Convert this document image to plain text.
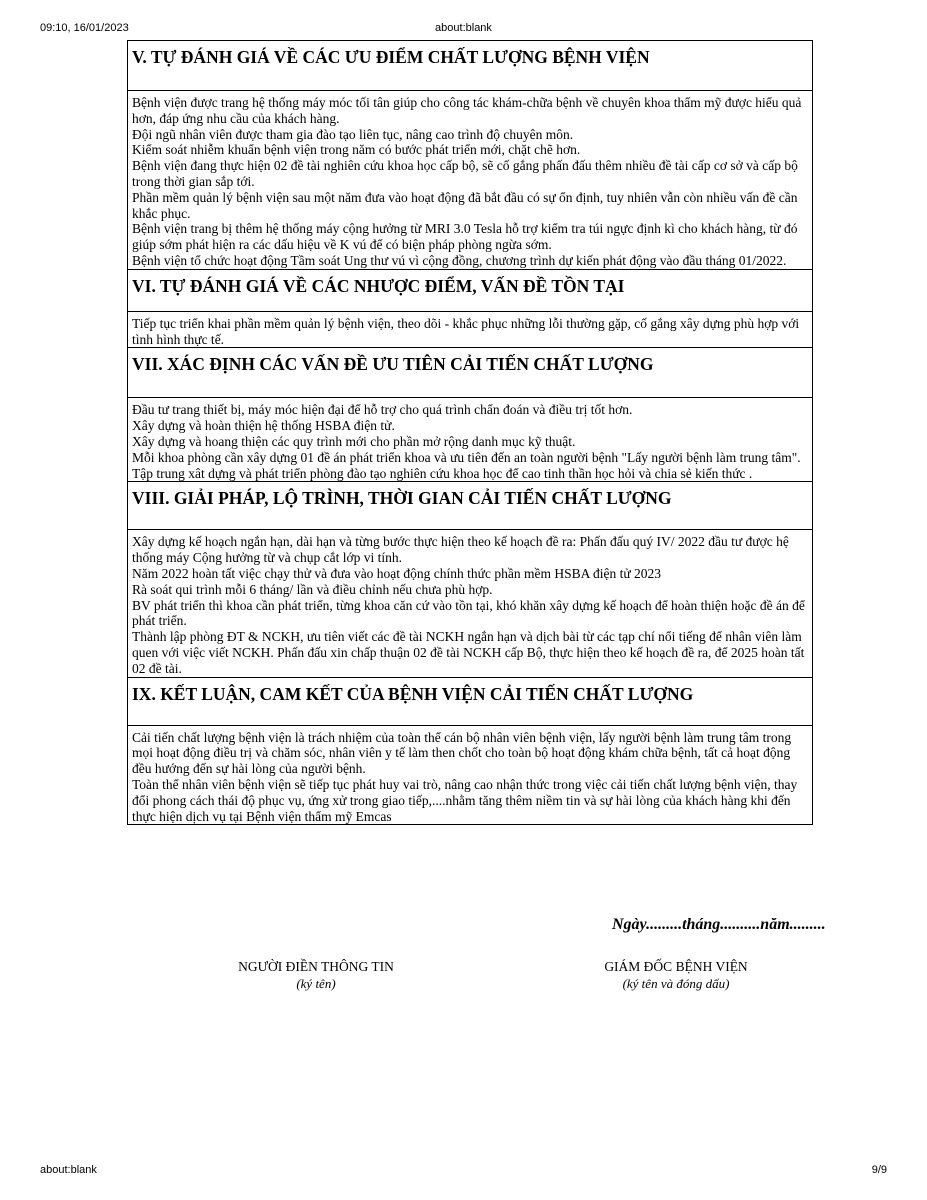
09:10, 16/01/2023	about:blank
V. TỰ ĐÁNH GIÁ VỀ CÁC ƯU ĐIỂM CHẤT LƯỢNG BỆNH VIỆN

Bệnh viện được trang hệ thống máy móc tối tân giúp cho công tác khám-chữa bệnh về chuyên khoa thẩm mỹ được hiểu quả hơn, đáp ứng nhu cầu của khách hàng.

Đội ngũ nhân viên được tham gia đào tạo liên tục, nâng cao trình độ chuyên môn.

Kiểm soát nhiễm khuẩn bệnh viện trong năm có bước phát triển mới, chặt chẽ hơn.

Bệnh viện đang thực hiện 02 đề tài nghiên cứu khoa học cấp bộ, sẽ cố gắng phấn đấu thêm nhiều đề tài cấp cơ sở và cấp bộ trong thời gian sắp tới.

Phần mềm quản lý bệnh viện sau một năm đưa vào hoạt động đã bắt đầu có sự ổn định, tuy nhiên vẫn còn nhiều vấn đề cần khắc phục.

Bệnh viện trang bị thêm hệ thống máy cộng hưởng từ MRI 3.0 Tesla hỗ trợ kiểm tra túi ngực định kì cho khách hàng, từ đó giúp sớm phát hiện ra các dấu hiệu về K vú để có biện pháp phòng ngừa sớm.

Bệnh viện tổ chức hoạt động Tầm soát Ung thư vú vì cộng đồng, chương trình dự kiến phát động vào đầu tháng 01/2022.

VI. TỰ ĐÁNH GIÁ VỀ CÁC NHƯỢC ĐIỂM, VẤN ĐỀ TỒN TẠI

Tiếp tục triển khai phần mềm quản lý bệnh viện, theo dõi - khắc phục những lỗi thường gặp, cố gắng xây dựng phù hợp với tình hình thực tế.

VII. XÁC ĐỊNH CÁC VẤN ĐỀ ƯU TIÊN CẢI TIẾN CHẤT LƯỢNG

Đầu tư trang thiết bị, máy móc hiện đại để hỗ trợ cho quá trình chẩn đoán và điều trị tốt hơn.

Xây dựng và hoàn thiện hệ thống HSBA điện tử.

Xây dựng và hoang thiện các quy trình mới cho phần mở rộng danh mục kỹ thuật.

Mỗi khoa phòng cần xây dựng 01 đề án phát triển khoa và ưu tiên đến an toàn người bệnh "Lấy người bệnh làm trung tâm".

Tập trung xât dựng và phát triển phòng đào tạo nghiên cứu khoa học để cao tinh thần học hỏi và chia sẻ kiến thức .

VIII. GIẢI PHÁP, LỘ TRÌNH, THỜI GIAN CẢI TIẾN CHẤT LƯỢNG

Xây dựng kế hoạch ngắn hạn, dài hạn và từng bước thực hiện theo kế hoạch đề ra: Phấn đấu quý IV/ 2022 đầu tư được hệ thống máy Cộng hưởng từ và chụp cắt lớp vi tính.

Năm 2022 hoàn tất việc chạy thử và đưa vào hoạt động chính thức phần mềm HSBA điện tử 2023

Rà soát qui trình mỗi 6 tháng/ lần và điều chỉnh nếu chưa phù hợp.

BV phát triển thì khoa cần phát triển, từng khoa căn cứ vào tồn tại, khó khăn xây dựng kế hoạch để hoàn thiện hoặc đề án để phát triển.

Thành lập phòng ĐT & NCKH, ưu tiên viết các đề tài NCKH ngắn hạn và dịch bài từ các tạp chí nổi tiếng để nhân viên làm quen với việc viết NCKH. Phấn đấu xin chấp thuận 02 đề tài NCKH cấp Bộ, thực hiện theo kế hoạch đề ra, để 2025 hoàn tất 02 đề tài.

IX. KẾT LUẬN, CAM KẾT CỦA BỆNH VIỆN CẢI TIẾN CHẤT LƯỢNG

Cải tiến chất lượng bệnh viện là trách nhiệm của toàn thể cán bộ nhân viên bệnh viện, lấy người bệnh làm trung tâm trong mọi hoạt động điều trị và chăm sóc, nhân viên y tế làm then chốt cho toàn bộ hoạt động khám chữa bệnh, tất cả hoạt động đều hướng đến sự hài lòng của người bệnh.

Toàn thể nhân viên bệnh viện sẽ tiếp tục phát huy vai trò, nâng cao nhận thức trong việc cải tiến chất lượng bệnh viện, thay đổi phong cách thái độ phục vụ, ứng xử trong giao tiếp,....nhằm tăng thêm niềm tin và sự hài lòng của khách hàng khi đến thực hiện dịch vụ tại Bệnh viện thẩm mỹ Emcas

Ngày.........tháng..........năm.........
NGƯỜI ĐIỀN THÔNG TIN
(ký tên)
GIÁM ĐỐC BỆNH VIỆN
(ký tên và đóng dấu)
about:blank	9/9
